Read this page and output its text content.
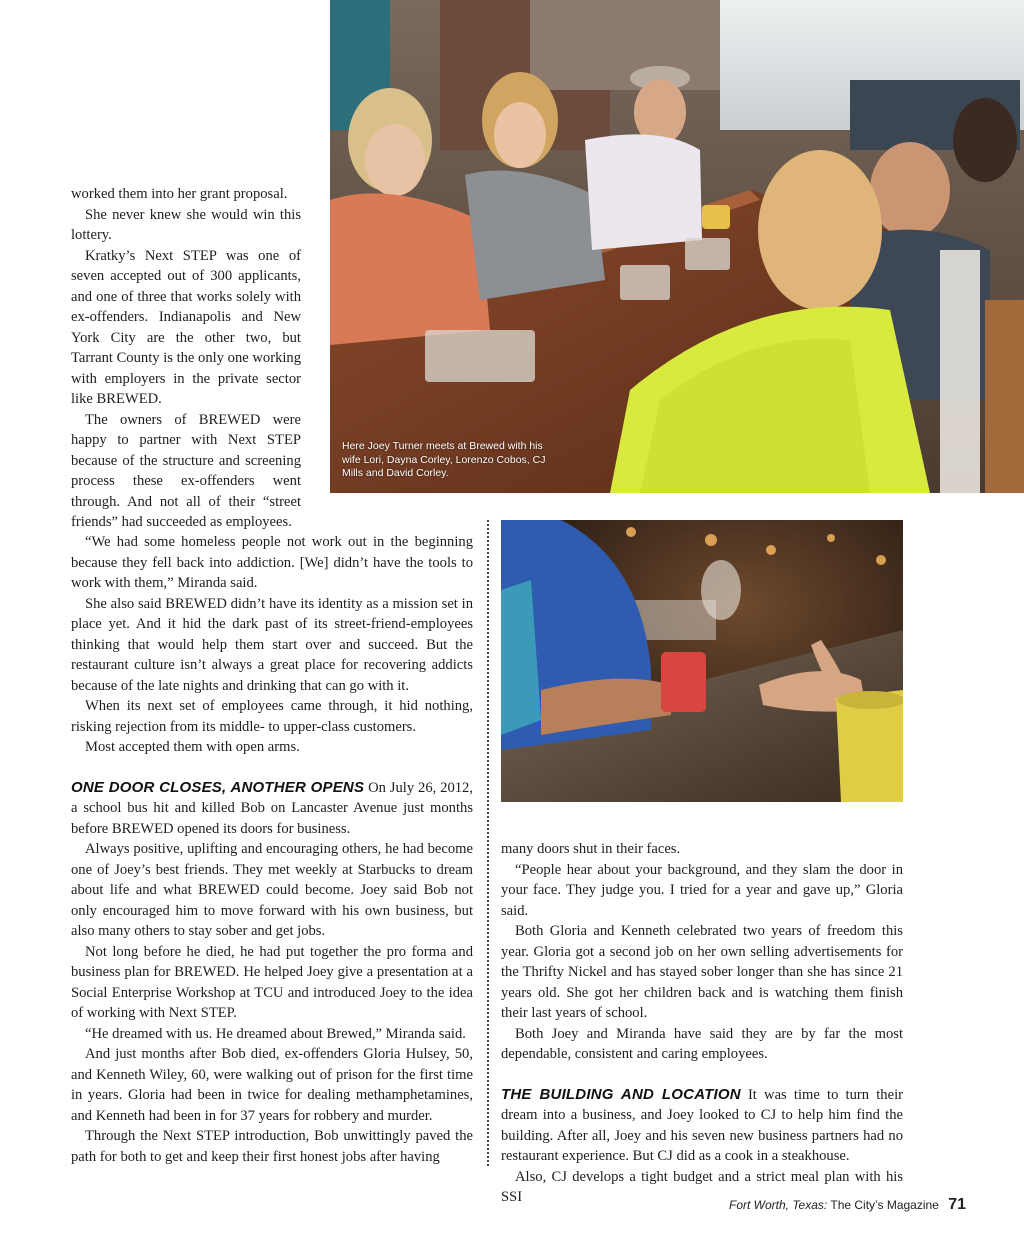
Here Joey Turner meets at Brewed with his wife Lori, Dayna Corley, Lorenzo Cobos, CJ Mills and David Corley.

worked them into her grant proposal.

She never knew she would win this lottery.

Kratky’s Next STEP was one of seven accepted out of 300 applicants, and one of three that works solely with ex-offenders. Indianapolis and New York City are the other two, but Tarrant County is the only one working with employers in the private sector like BREWED.

The owners of BREWED were happy to partner with Next STEP because of the structure and screening process these ex-offenders went through. And not all of their “street friends” had succeeded as employees.

“We had some homeless people not work out in the beginning because they fell back into addiction. [We] didn’t have the tools to work with them,” Miranda said.

She also said BREWED didn’t have its identity as a mission set in place yet. And it hid the dark past of its street-friend-employees thinking that would help them start over and succeed. But the restaurant culture isn’t always a great place for recovering addicts because of the late nights and drinking that can go with it.

When its next set of employees came through, it hid nothing, risking rejection from its middle- to upper-class customers.

Most accepted them with open arms.

ONE DOOR CLOSES, ANOTHER OPENS On July 26, 2012, a school bus hit and killed Bob on Lancaster Avenue just months before BREWED opened its doors for business.

Always positive, uplifting and encouraging others, he had become one of Joey’s best friends. They met weekly at Starbucks to dream about life and what BREWED could become. Joey said Bob not only encouraged him to move forward with his own business, but also many others to stay sober and get jobs.

Not long before he died, he had put together the pro forma and business plan for BREWED. He helped Joey give a presentation at a Social Enterprise Workshop at TCU and introduced Joey to the idea of working with Next STEP.

“He dreamed with us. He dreamed about Brewed,” Miranda said.

And just months after Bob died, ex-offenders Gloria Hulsey, 50, and Kenneth Wiley, 60, were walking out of prison for the first time in years. Gloria had been in twice for dealing methamphetamines, and Kenneth had been in for 37 years for robbery and murder.

Through the Next STEP introduction, Bob unwittingly paved the path for both to get and keep their first honest jobs after having

many doors shut in their faces.

“People hear about your background, and they slam the door in your face. They judge you. I tried for a year and gave up,” Gloria said.

Both Gloria and Kenneth celebrated two years of freedom this year. Gloria got a second job on her own selling advertisements for the Thrifty Nickel and has stayed sober longer than she has since 21 years old. She got her children back and is watching them finish their last years of school.

Both Joey and Miranda have said they are by far the most dependable, consistent and caring employees.

THE BUILDING AND LOCATION It was time to turn their dream into a business, and Joey looked to CJ to help him find the building. After all, Joey and his seven new business partners had no restaurant experience. But CJ did as a cook in a steakhouse.

Also, CJ develops a tight budget and a strict meal plan with his SSI	Fort Worth, Texas: The City’s Magazine 71
